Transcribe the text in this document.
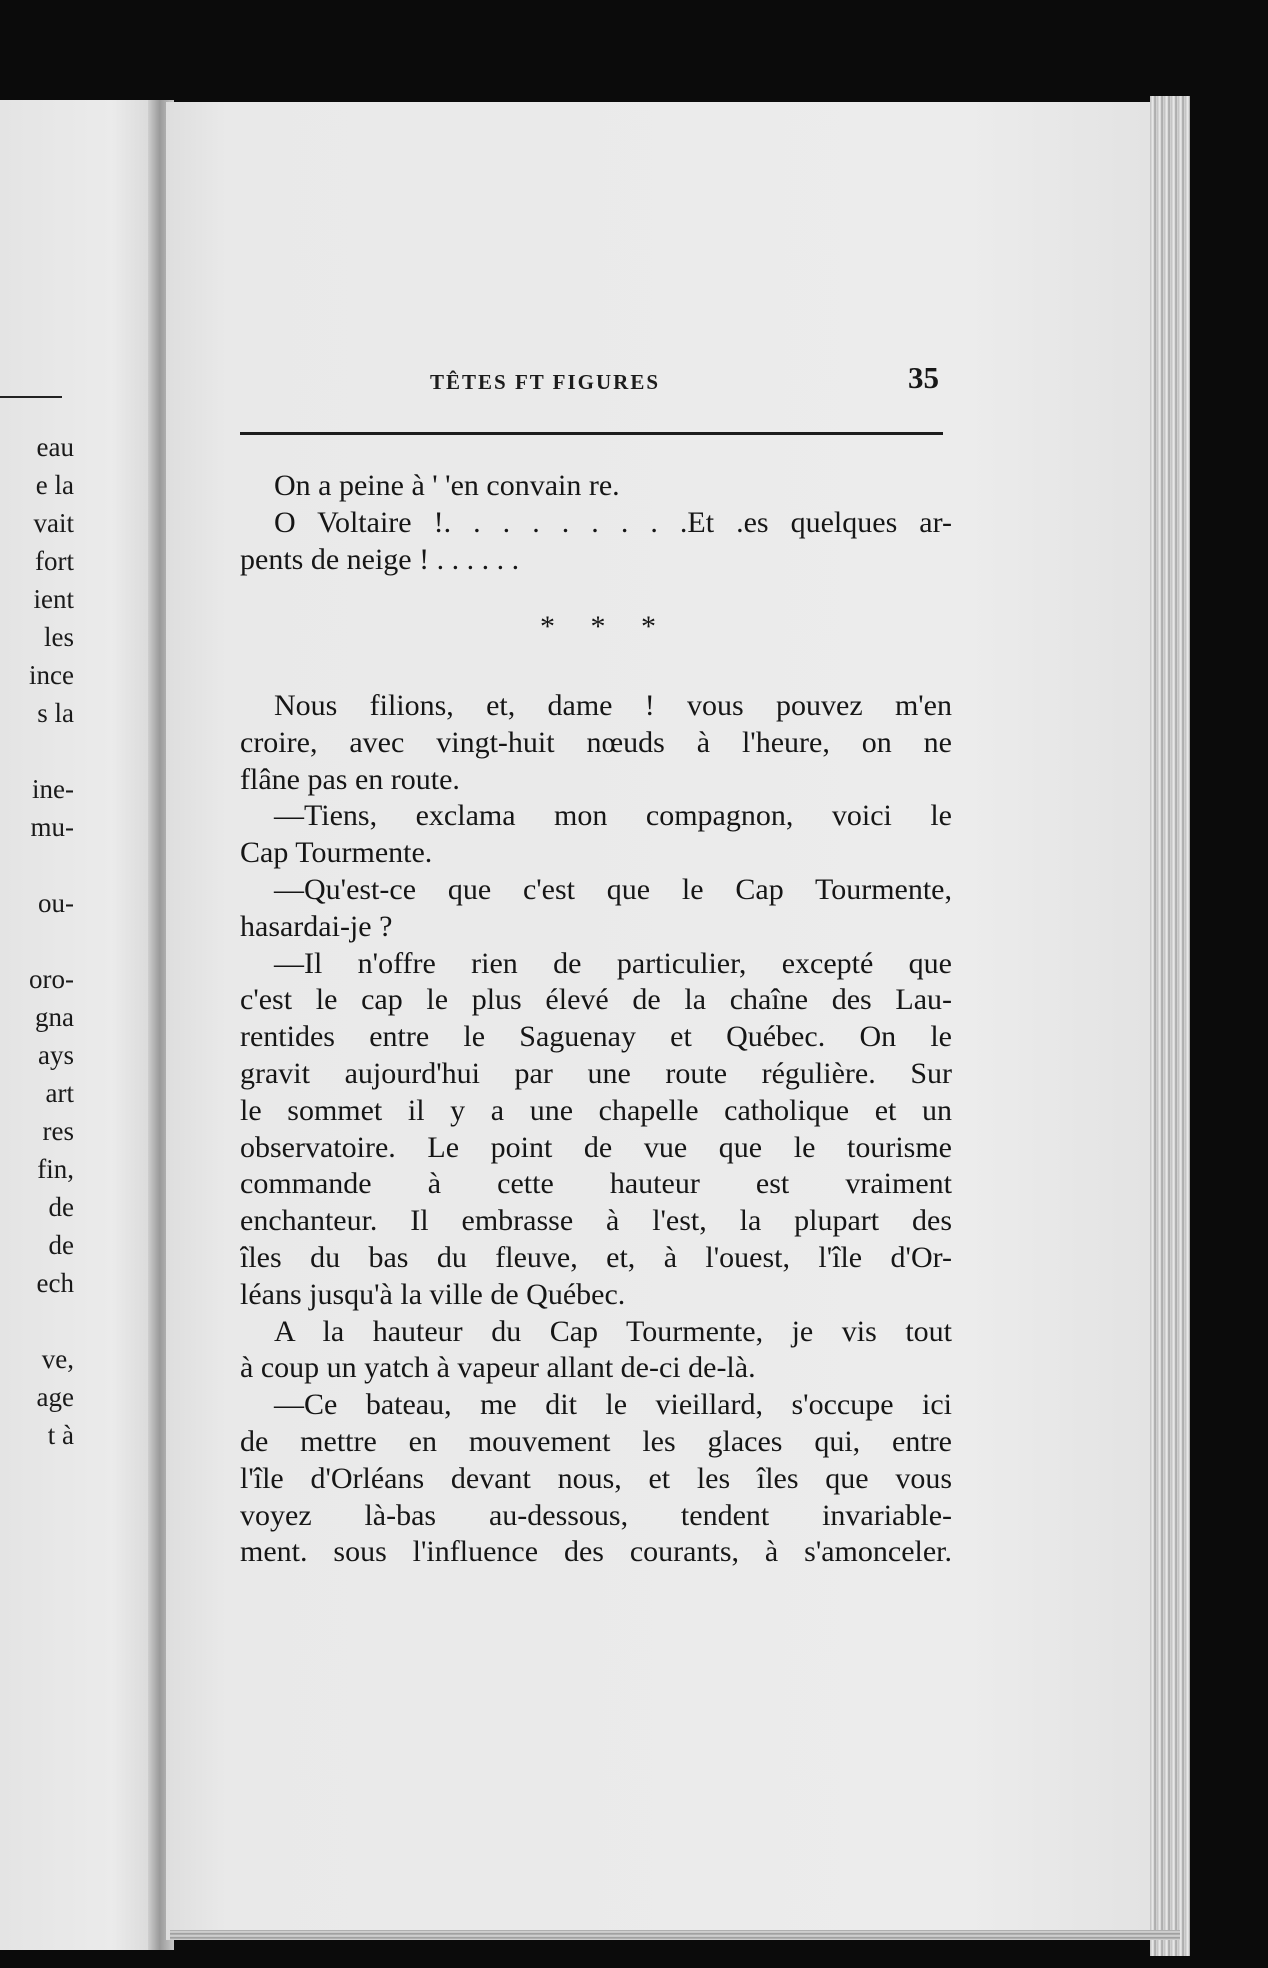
eau
e la
vait
fort
ient
les
ince
s la
ine-
mu-
ou-
oro-
gna
ays
art
res
fin,
de
de
ech
ve,
age
t à
TÊTES FT FIGURES	35
On a peine à ' 'en convain re.
O Voltaire !. . . . . . . . .Et .es quelques ar-
pents de neige ! . . . . . .
* * *
Nous filions, et, dame ! vous pouvez m'en
croire, avec vingt-huit nœuds à l'heure, on ne
flâne pas en route.
—Tiens, exclama mon compagnon, voici le
Cap Tourmente.
—Qu'est-ce que c'est que le Cap Tourmente,
hasardai-je ?
—Il n'offre rien de particulier, excepté que
c'est le cap le plus élevé de la chaîne des Lau-
rentides entre le Saguenay et Québec. On le
gravit aujourd'hui par une route régulière. Sur
le sommet il y a une chapelle catholique et un
observatoire. Le point de vue que le tourisme
commande à cette hauteur est vraiment
enchanteur. Il embrasse à l'est, la plupart des
îles du bas du fleuve, et, à l'ouest, l'île d'Or-
léans jusqu'à la ville de Québec.
A la hauteur du Cap Tourmente, je vis tout
à coup un yatch à vapeur allant de-ci de-là.
—Ce bateau, me dit le vieillard, s'occupe ici
de mettre en mouvement les glaces qui, entre
l'île d'Orléans devant nous, et les îles que vous
voyez là-bas au-dessous, tendent invariable-
ment. sous l'influence des courants, à s'amonceler.
